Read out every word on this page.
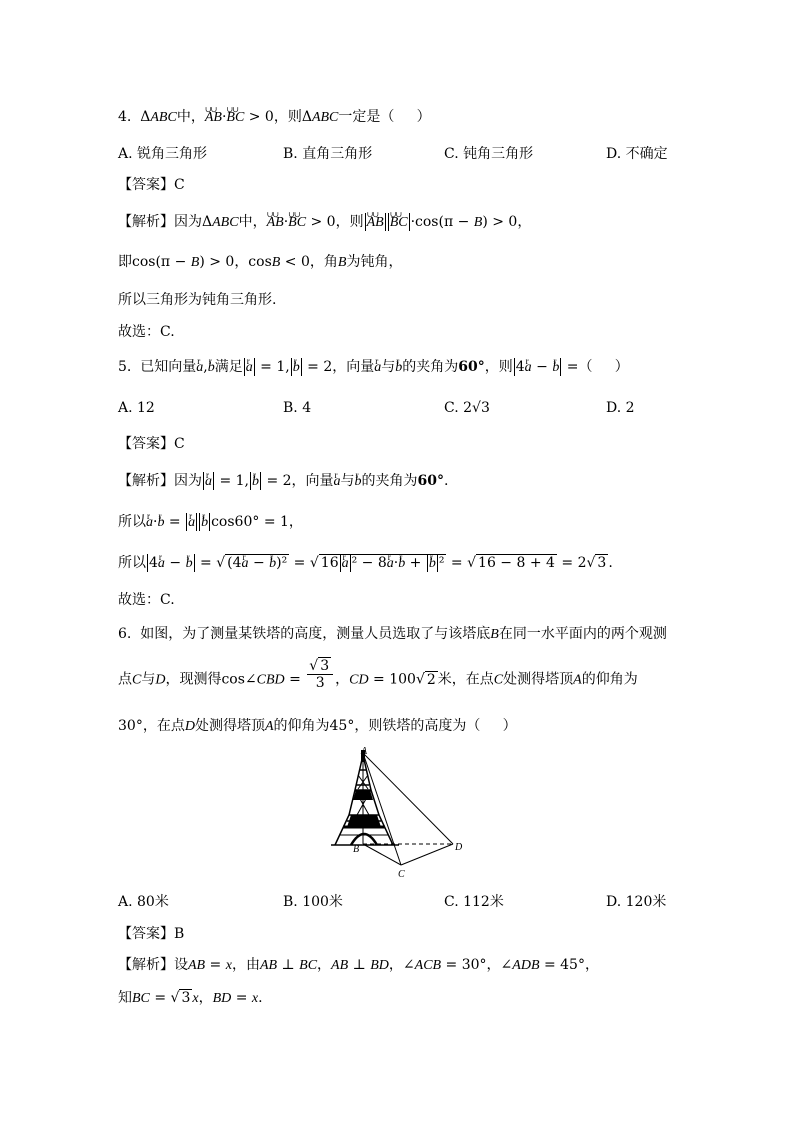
4.  ΔABC中，∪∪ AB·∪∪ BC > 0，则ΔABC一定是（     ）
A. 锐角三角形	B. 直角三角形	C. 钝角三角形	D. 不确定
【答案】C
【解析】因为ΔABC中，∪∪ AB·∪∪ BC > 0，则 ∪∪ AB ∪∪ BC ·cos(π − B) > 0，
即cos(π − B) > 0，cosB < 0，角B为钝角，
所以三角形为钝角三角形.
故选：C.
5.  已知向量r a,r b满足 r a = 1, r b = 2，向量r a与r b的夹角为60°，则 4r a − r b =（     ）
A. 12	B. 4	C. 2√3	D. 2
【答案】C
【解析】因为 r a = 1, r b = 2，向量r a与r b的夹角为60°.
所以r a·r b = r a r b cos60° = 1，
所以 4r a − r b = √ (4r a − r b)² = √ 16 r a ² − 8r a·r b + r b ² = √ 16 − 8 + 4 = 2√ 3 .
故选：C.
6.  如图，为了测量某铁塔的高度，测量人员选取了与该塔底B在同一水平面内的两个观测
点C与D，现测得cos∠CBD = $\frac{√ 3}{3}$ ，CD = 100√ 2 米，在点C处测得塔顶A的仰角为
30°，在点D处测得塔顶A的仰角为45°，则铁塔的高度为（     ）
A
B
C
D
A. 80米	B. 100米	C. 112米	D. 120米
【答案】B
【解析】设AB = x，由AB ⊥ BC，AB ⊥ BD，∠ACB = 30°，∠ADB = 45°，
知BC = √ 3 x，BD = x.
